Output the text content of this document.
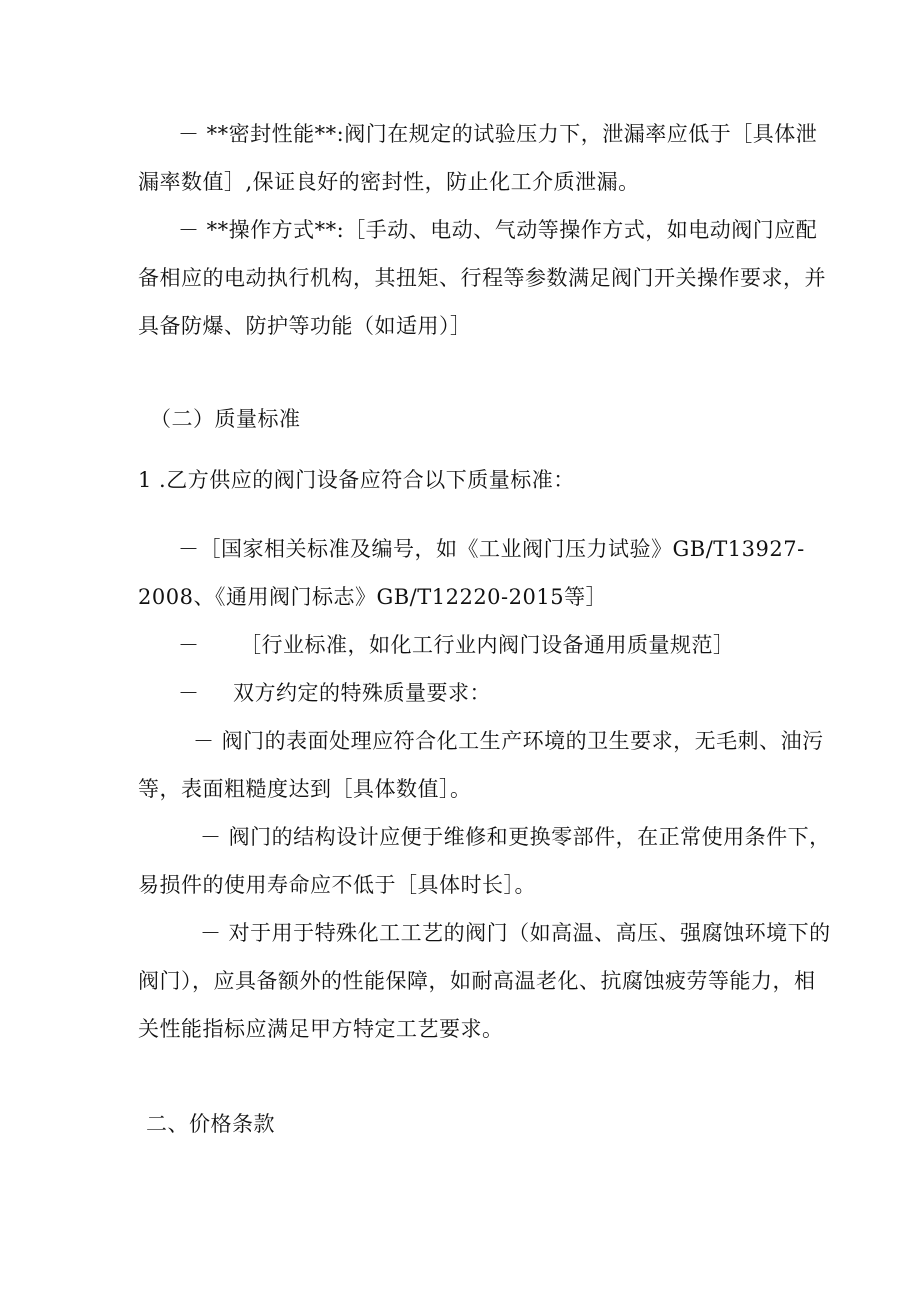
－ **密封性能**:阀门在规定的试验压力下，泄漏率应低于［具体泄
漏率数值］,保证良好的密封性，防止化工介质泄漏。
－ **操作方式**:［手动、电动、气动等操作方式，如电动阀门应配
备相应的电动执行机构，其扭矩、行程等参数满足阀门开关操作要求，并
具备防爆、防护等功能（如适用）］
（二）质量标准
1 .乙方供应的阀门设备应符合以下质量标准：
－［国家相关标准及编号，如《工业阀门压力试验》GB/T13927-
2008、《通用阀门标志》GB/T12220-2015等］
－ ［行业标准，如化工行业内阀门设备通用质量规范］
－ 双方约定的特殊质量要求：
－ 阀门的表面处理应符合化工生产环境的卫生要求，无毛刺、油污
等，表面粗糙度达到［具体数值］。
－ 阀门的结构设计应便于维修和更换零部件，在正常使用条件下，
易损件的使用寿命应不低于［具体时长］。
－ 对于用于特殊化工工艺的阀门（如高温、高压、强腐蚀环境下的
阀门），应具备额外的性能保障，如耐高温老化、抗腐蚀疲劳等能力，相
关性能指标应满足甲方特定工艺要求。
二、价格条款
